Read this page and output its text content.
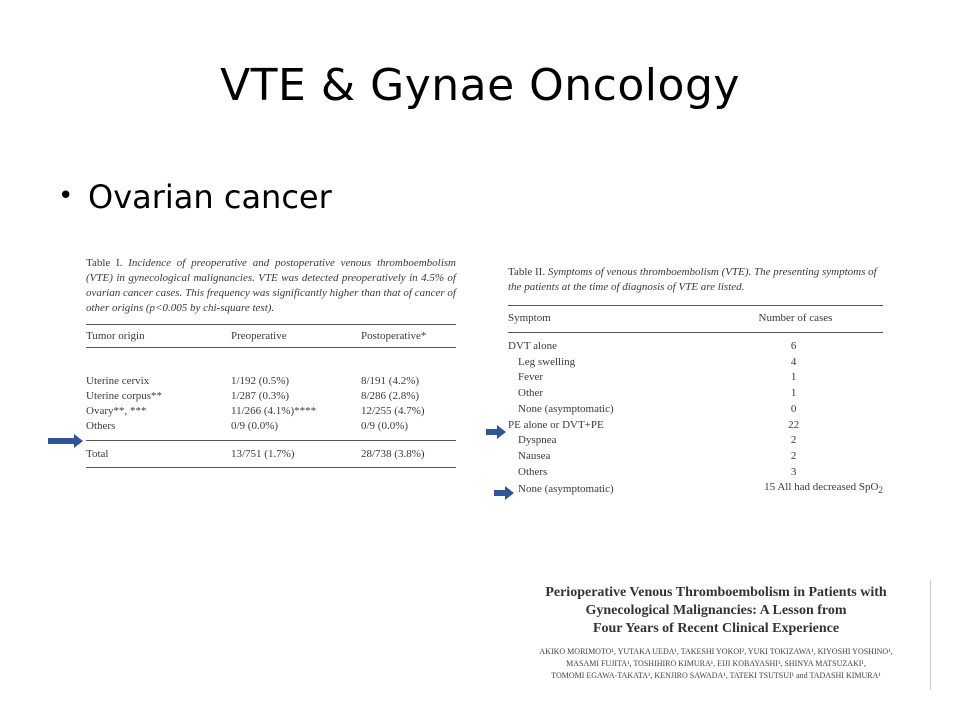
VTE & Gynae Oncology
• Ovarian cancer
Table I. Incidence of preoperative and postoperative venous thromboembolism (VTE) in gynecological malignancies. VTE was detected preoperatively in 4.5% of ovarian cancer cases. This frequency was significantly higher than that of cancer of other origins (p<0.005 by chi-square test).
Tumor origin	Preoperative	Postoperative*

Uterine cervix	1/192 (0.5%)	8/191 (4.2%)
Uterine corpus**	1/287 (0.3%)	8/286 (2.8%)
Ovary**, ***	11/266 (4.1%)****	12/255 (4.7%)
Others	0/9 (0.0%)	0/9 (0.0%)
Total	13/751 (1.7%)	28/738 (3.8%)
Table II. Symptoms of venous thromboembolism (VTE). The presenting symptoms of the patients at the time of diagnosis of VTE are listed.
Symptom	Number of cases

DVT alone	6
Leg swelling	4
Fever	1
Other	1
None (asymptomatic)	0
PE alone or DVT+PE	22
Dyspnea	2
Nausea	2
Others	3
None (asymptomatic)	15 All had decreased SpO$_2$
Perioperative Venous Thromboembolism in Patients with
Gynecological Malignancies: A Lesson from
Four Years of Recent Clinical Experience
AKIKO MORIMOTO¹, YUTAKA UEDA¹, TAKESHI YOKOI², YUKI TOKIZAWA¹, KIYOSHI YOSHINO¹,
MASAMI FUJITA¹, TOSHIHIRO KIMURA¹, EIJI KOBAYASHI¹, SHINYA MATSUZAKI¹,
TOMOMI EGAWA-TAKATA¹, KENJIRO SAWADA¹, TATEKI TSUTSUI¹ and TADASHI KIMURA¹
